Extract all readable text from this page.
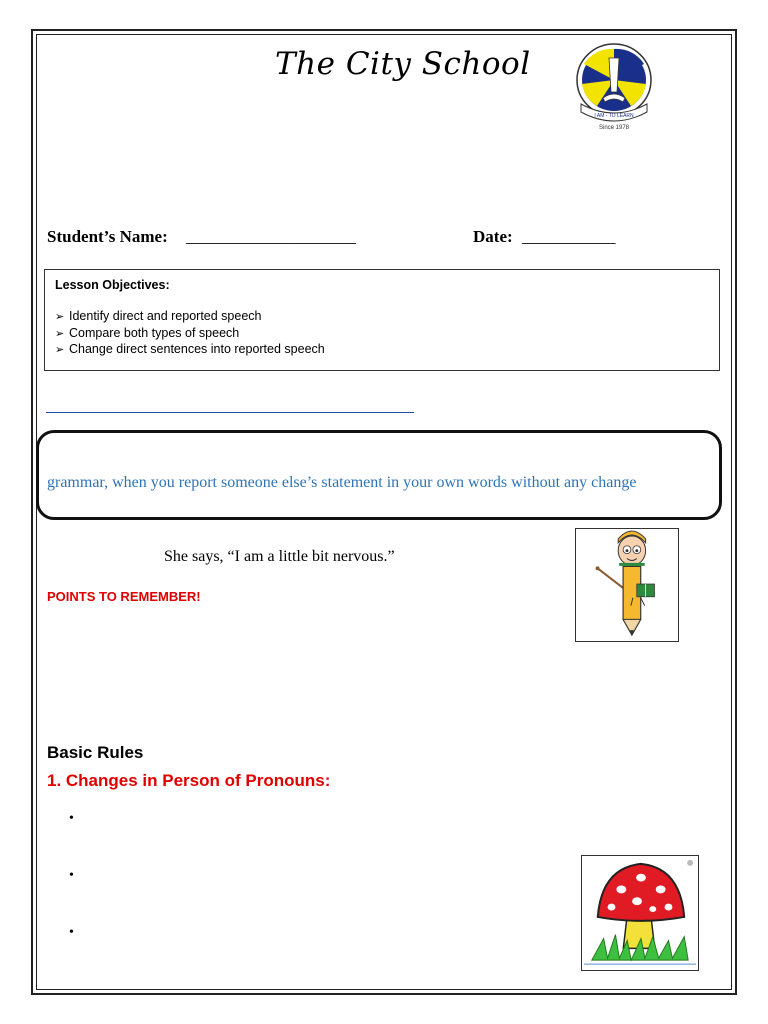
The City School
I AM - TO LEARN
Since 1978
Student’s Name: ____________________	Date: ___________
Lesson Objectives:
➢ Identify direct and reported speech
➢ Compare both types of speech
➢ Change direct sentences into reported speech
grammar, when you report someone else’s statement in your own words without any change
She says, “I am a little bit nervous.”
POINTS TO REMEMBER!
Basic Rules
1. Changes in Person of Pronouns:
•
•
•
